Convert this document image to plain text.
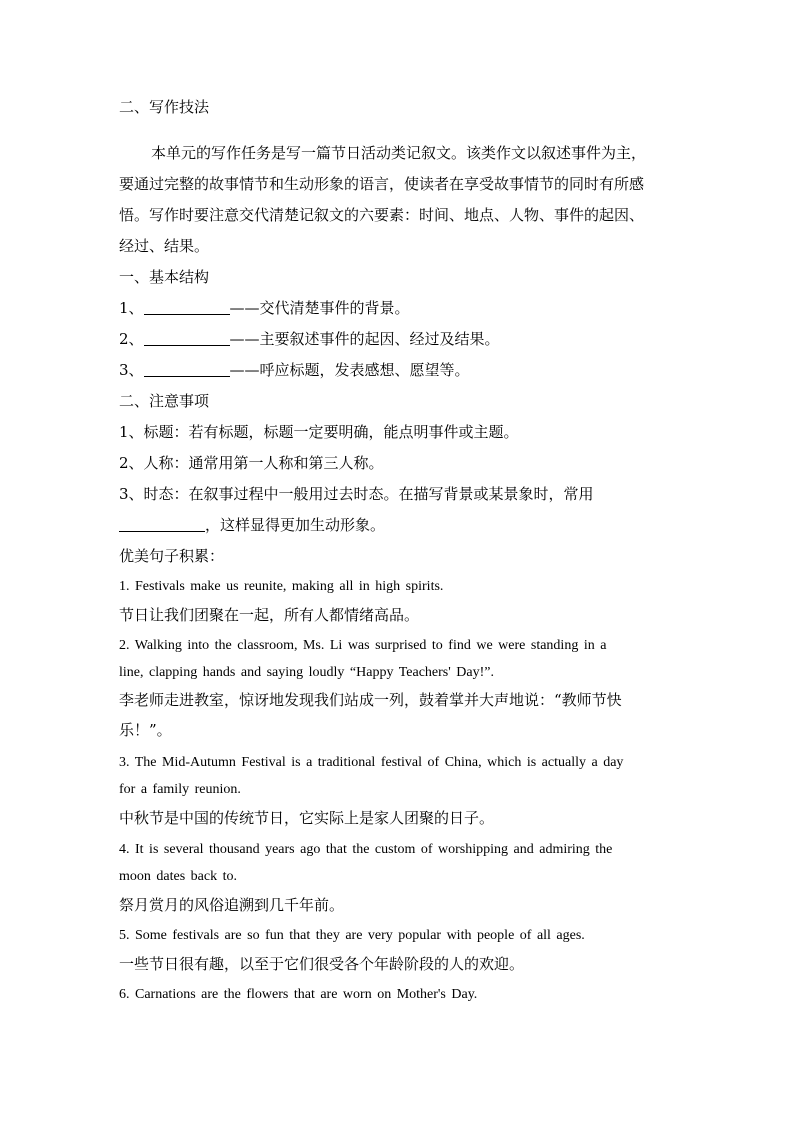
二、写作技法
本单元的写作任务是写一篇节日活动类记叙文。该类作文以叙述事件为主，
要通过完整的故事情节和生动形象的语言，使读者在享受故事情节的同时有所感
悟。写作时要注意交代清楚记叙文的六要素：时间、地点、人物、事件的起因、
经过、结果。
一、基本结构
1、	——交代清楚事件的背景。
2、	——主要叙述事件的起因、经过及结果。
3、	——呼应标题，发表感想、愿望等。
二、注意事项
1、标题：若有标题，标题一定要明确，能点明事件或主题。
2、人称：通常用第一人称和第三人称。
3、时态：在叙事过程中一般用过去时态。在描写背景或某景象时，常用
，这样显得更加生动形象。
优美句子积累：
1. Festivals make us reunite, making all in high spirits.
节日让我们团聚在一起，所有人都情绪高品。
2. Walking into the classroom, Ms. Li was surprised to find we were standing in a
line, clapping hands and saying loudly “Happy Teachers' Day!”.
李老师走进教室，惊讶地发现我们站成一列，鼓着掌并大声地说：“教师节快
乐！”。
3. The Mid-Autumn Festival is a traditional festival of China, which is actually a day
for a family reunion.
中秋节是中国的传统节日，它实际上是家人团聚的日子。
4. It is several thousand years ago that the custom of worshipping and admiring the
moon dates back to.
祭月赏月的风俗追溯到几千年前。
5. Some festivals are so fun that they are very popular with people of all ages.
一些节日很有趣，以至于它们很受各个年龄阶段的人的欢迎。
6. Carnations are the flowers that are worn on Mother's Day.
